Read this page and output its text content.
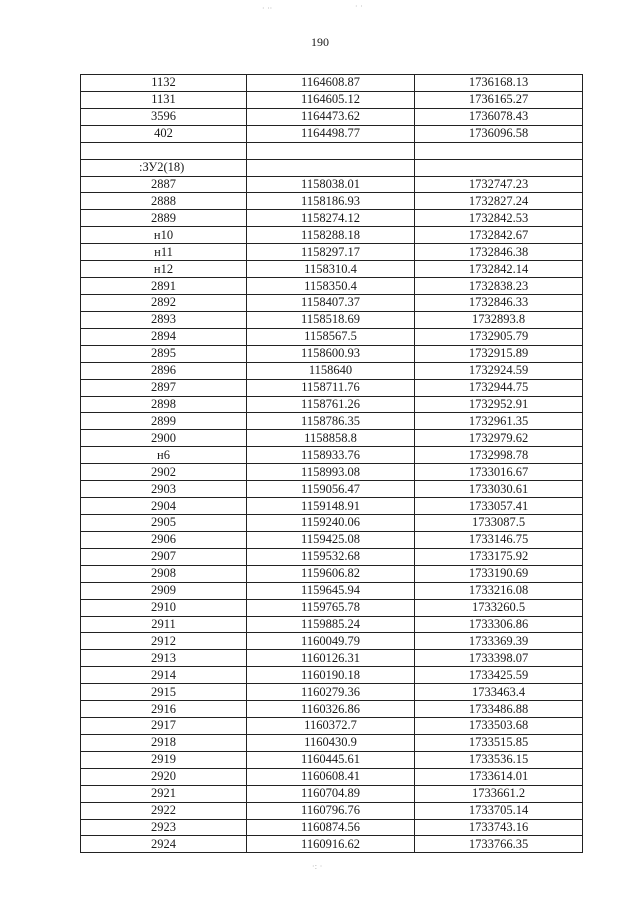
· ··	· ·
·: ·
190
1132	1164608.87	1736168.13
1131	1164605.12	1736165.27
3596	1164473.62	1736078.43
402	1164498.77	1736096.58

:ЗУ2(18)		
2887	1158038.01	1732747.23
2888	1158186.93	1732827.24
2889	1158274.12	1732842.53
н10	1158288.18	1732842.67
н11	1158297.17	1732846.38
н12	1158310.4	1732842.14
2891	1158350.4	1732838.23
2892	1158407.37	1732846.33
2893	1158518.69	1732893.8
2894	1158567.5	1732905.79
2895	1158600.93	1732915.89
2896	1158640	1732924.59
2897	1158711.76	1732944.75
2898	1158761.26	1732952.91
2899	1158786.35	1732961.35
2900	1158858.8	1732979.62
н6	1158933.76	1732998.78
2902	1158993.08	1733016.67
2903	1159056.47	1733030.61
2904	1159148.91	1733057.41
2905	1159240.06	1733087.5
2906	1159425.08	1733146.75
2907	1159532.68	1733175.92
2908	1159606.82	1733190.69
2909	1159645.94	1733216.08
2910	1159765.78	1733260.5
2911	1159885.24	1733306.86
2912	1160049.79	1733369.39
2913	1160126.31	1733398.07
2914	1160190.18	1733425.59
2915	1160279.36	1733463.4
2916	1160326.86	1733486.88
2917	1160372.7	1733503.68
2918	1160430.9	1733515.85
2919	1160445.61	1733536.15
2920	1160608.41	1733614.01
2921	1160704.89	1733661.2
2922	1160796.76	1733705.14
2923	1160874.56	1733743.16
2924	1160916.62	1733766.35
